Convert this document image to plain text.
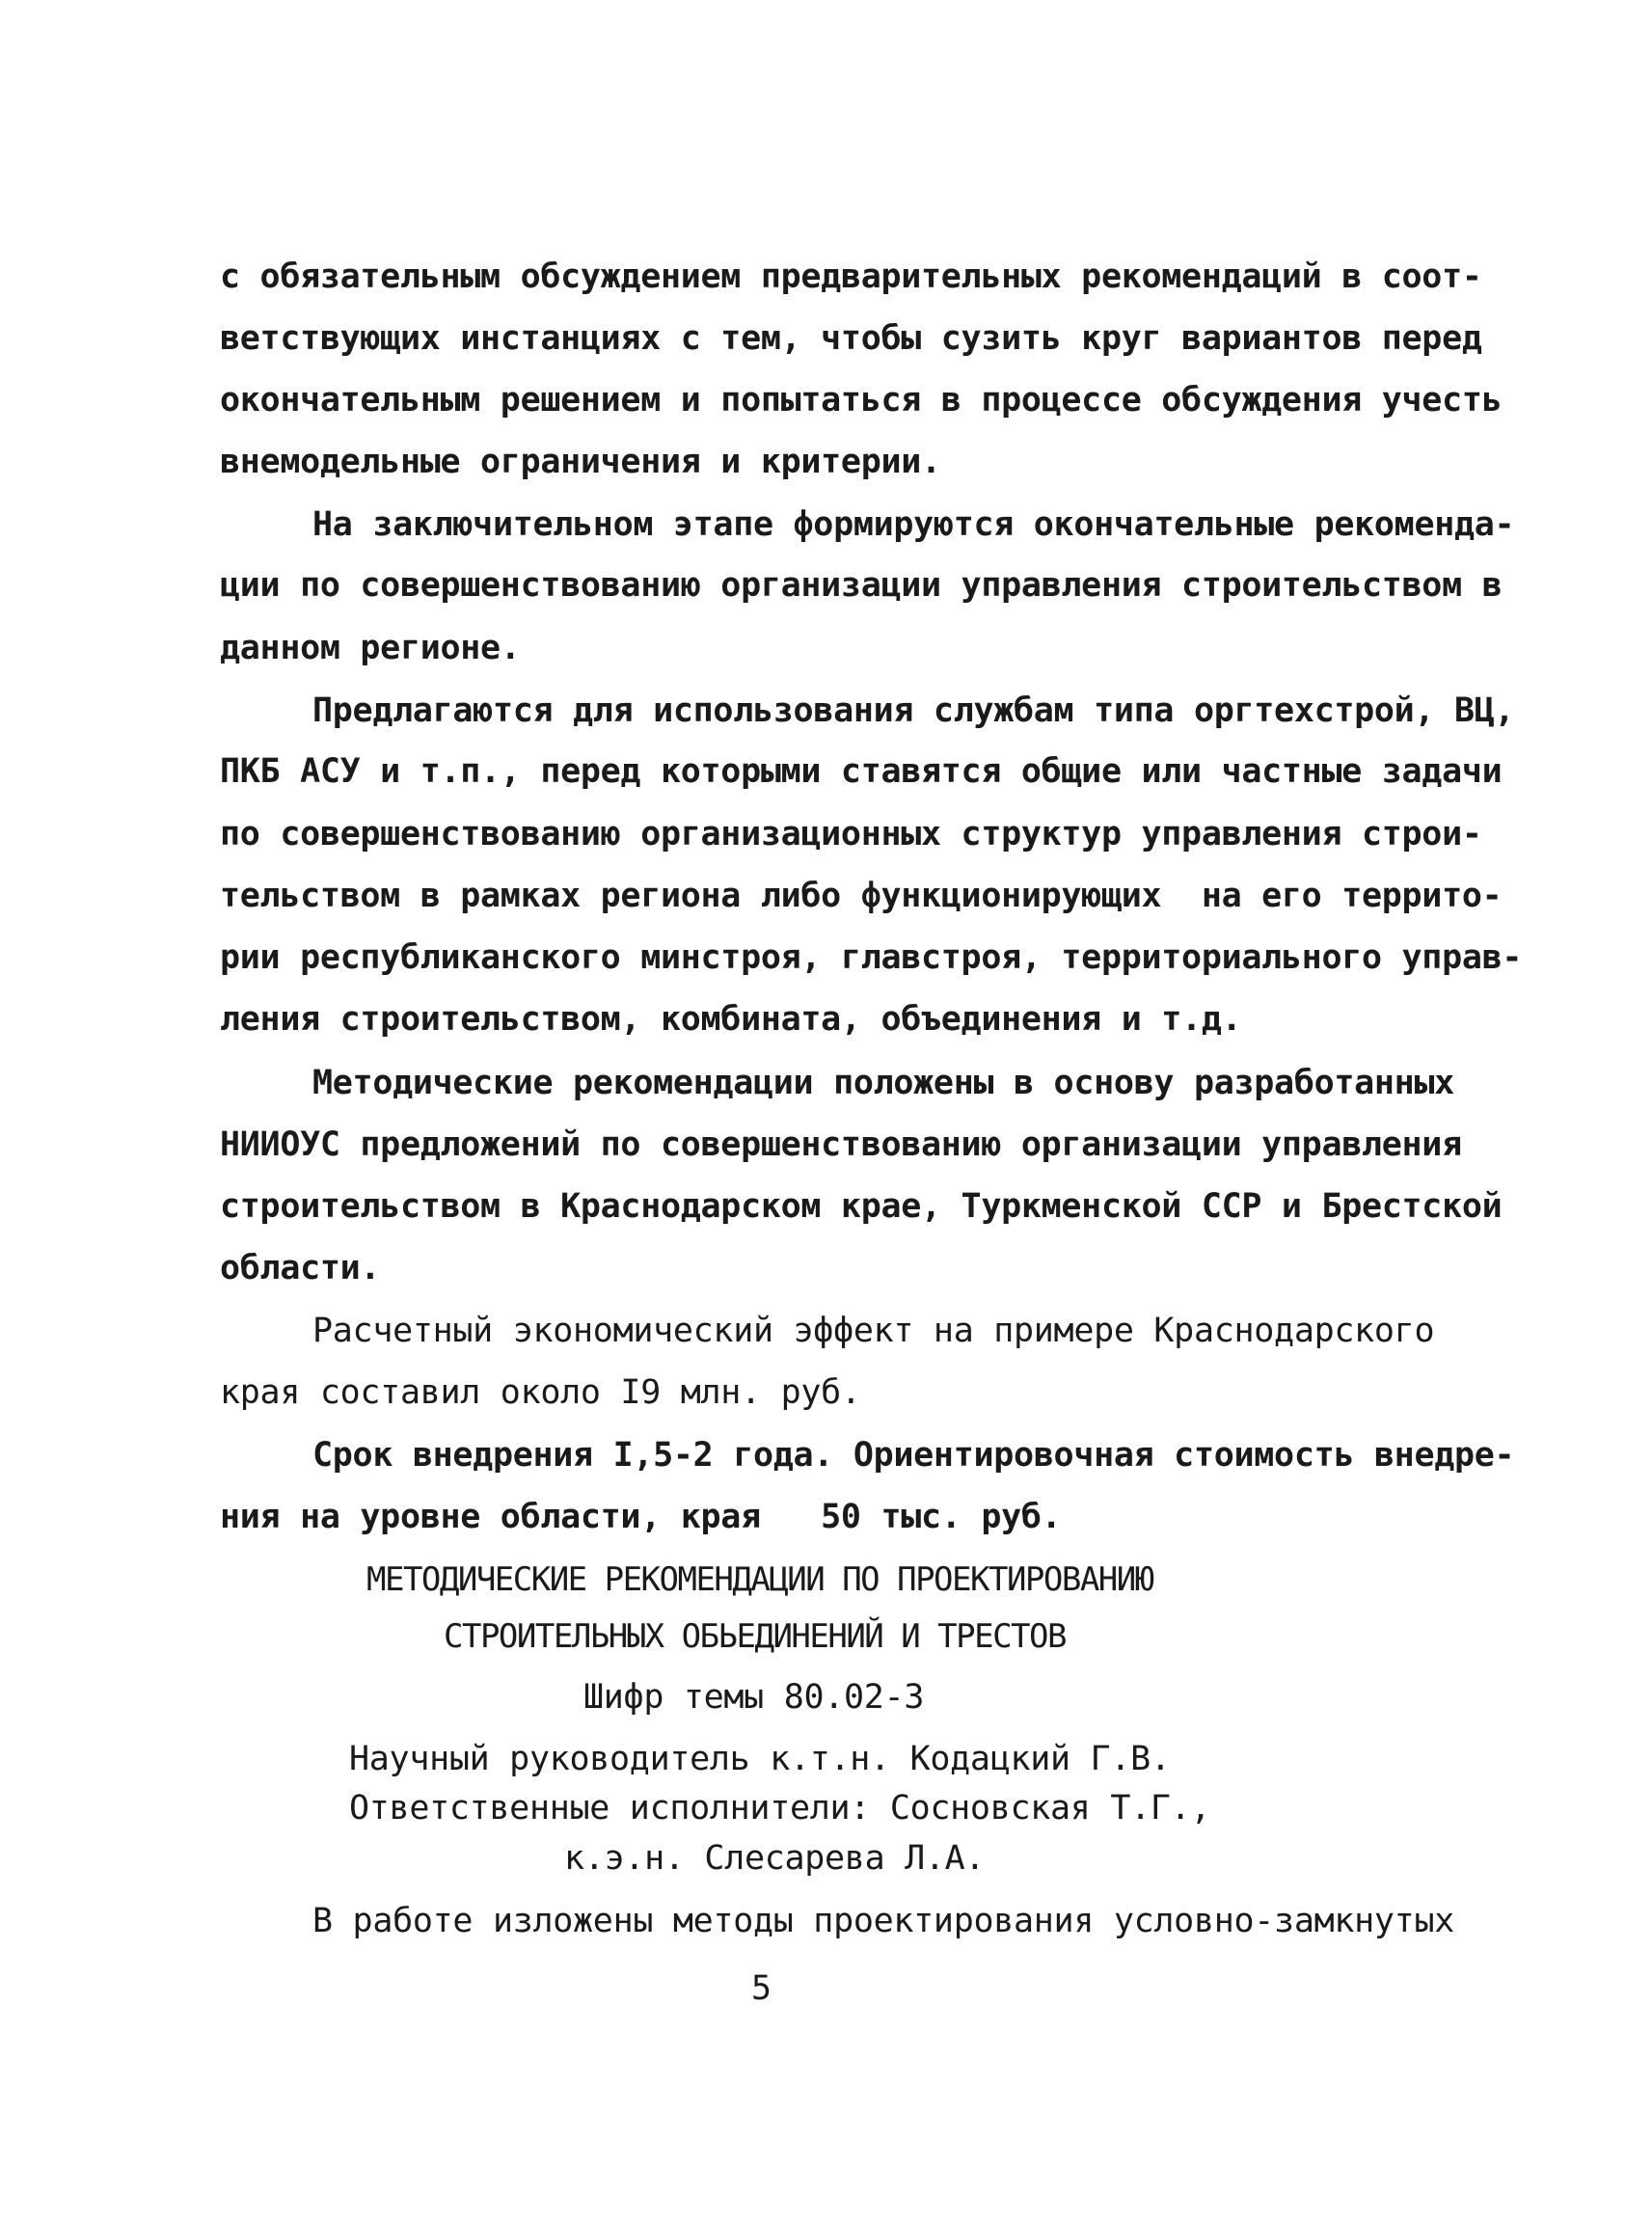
с обязательным обсуждением предварительных рекомендаций в соот-
ветствующих инстанциях с тем, чтобы сузить круг вариантов перед
окончательным решением и попытаться в процессе обсуждения учесть
внемодельные ограничения и критерии.
На заключительном этапе формируются окончательные рекоменда-
ции по совершенствованию организации управления строительством в
данном регионе.
Предлагаются для использования службам типа оргтехстрой, ВЦ,
ПКБ АСУ и т.п., перед которыми ставятся общие или частные задачи
по совершенствованию организационных структур управления строи-
тельством в рамках региона либо функционирующих  на его террито-
рии республиканского минстроя, главстроя, территориального управ-
ления строительством, комбината, объединения и т.д.
Методические рекомендации положены в основу разработанных
НИИОУС предложений по совершенствованию организации управления
строительством в Краснодарском крае, Туркменской ССР и Брестской
области.
Расчетный экономический эффект на примере Краснодарского
края составил около I9 млн. руб.
Срок внедрения I,5-2 года. Ориентировочная стоимость внедре-
ния на уровне области, края   50 тыс. руб.
МЕТОДИЧЕСКИЕ РЕКОМЕНДАЦИИ ПО ПРОЕКТИРОВАНИЮ
СТРОИТЕЛЬНЫХ ОБЬЕДИНЕНИЙ И ТРЕСТОВ
Шифр темы 80.02-3
Научный руководитель к.т.н. Кодацкий Г.В.
Ответственные исполнители: Сосновская Т.Г.,
к.э.н. Слесарева Л.А.
В работе изложены методы проектирования условно-замкнутых
5
